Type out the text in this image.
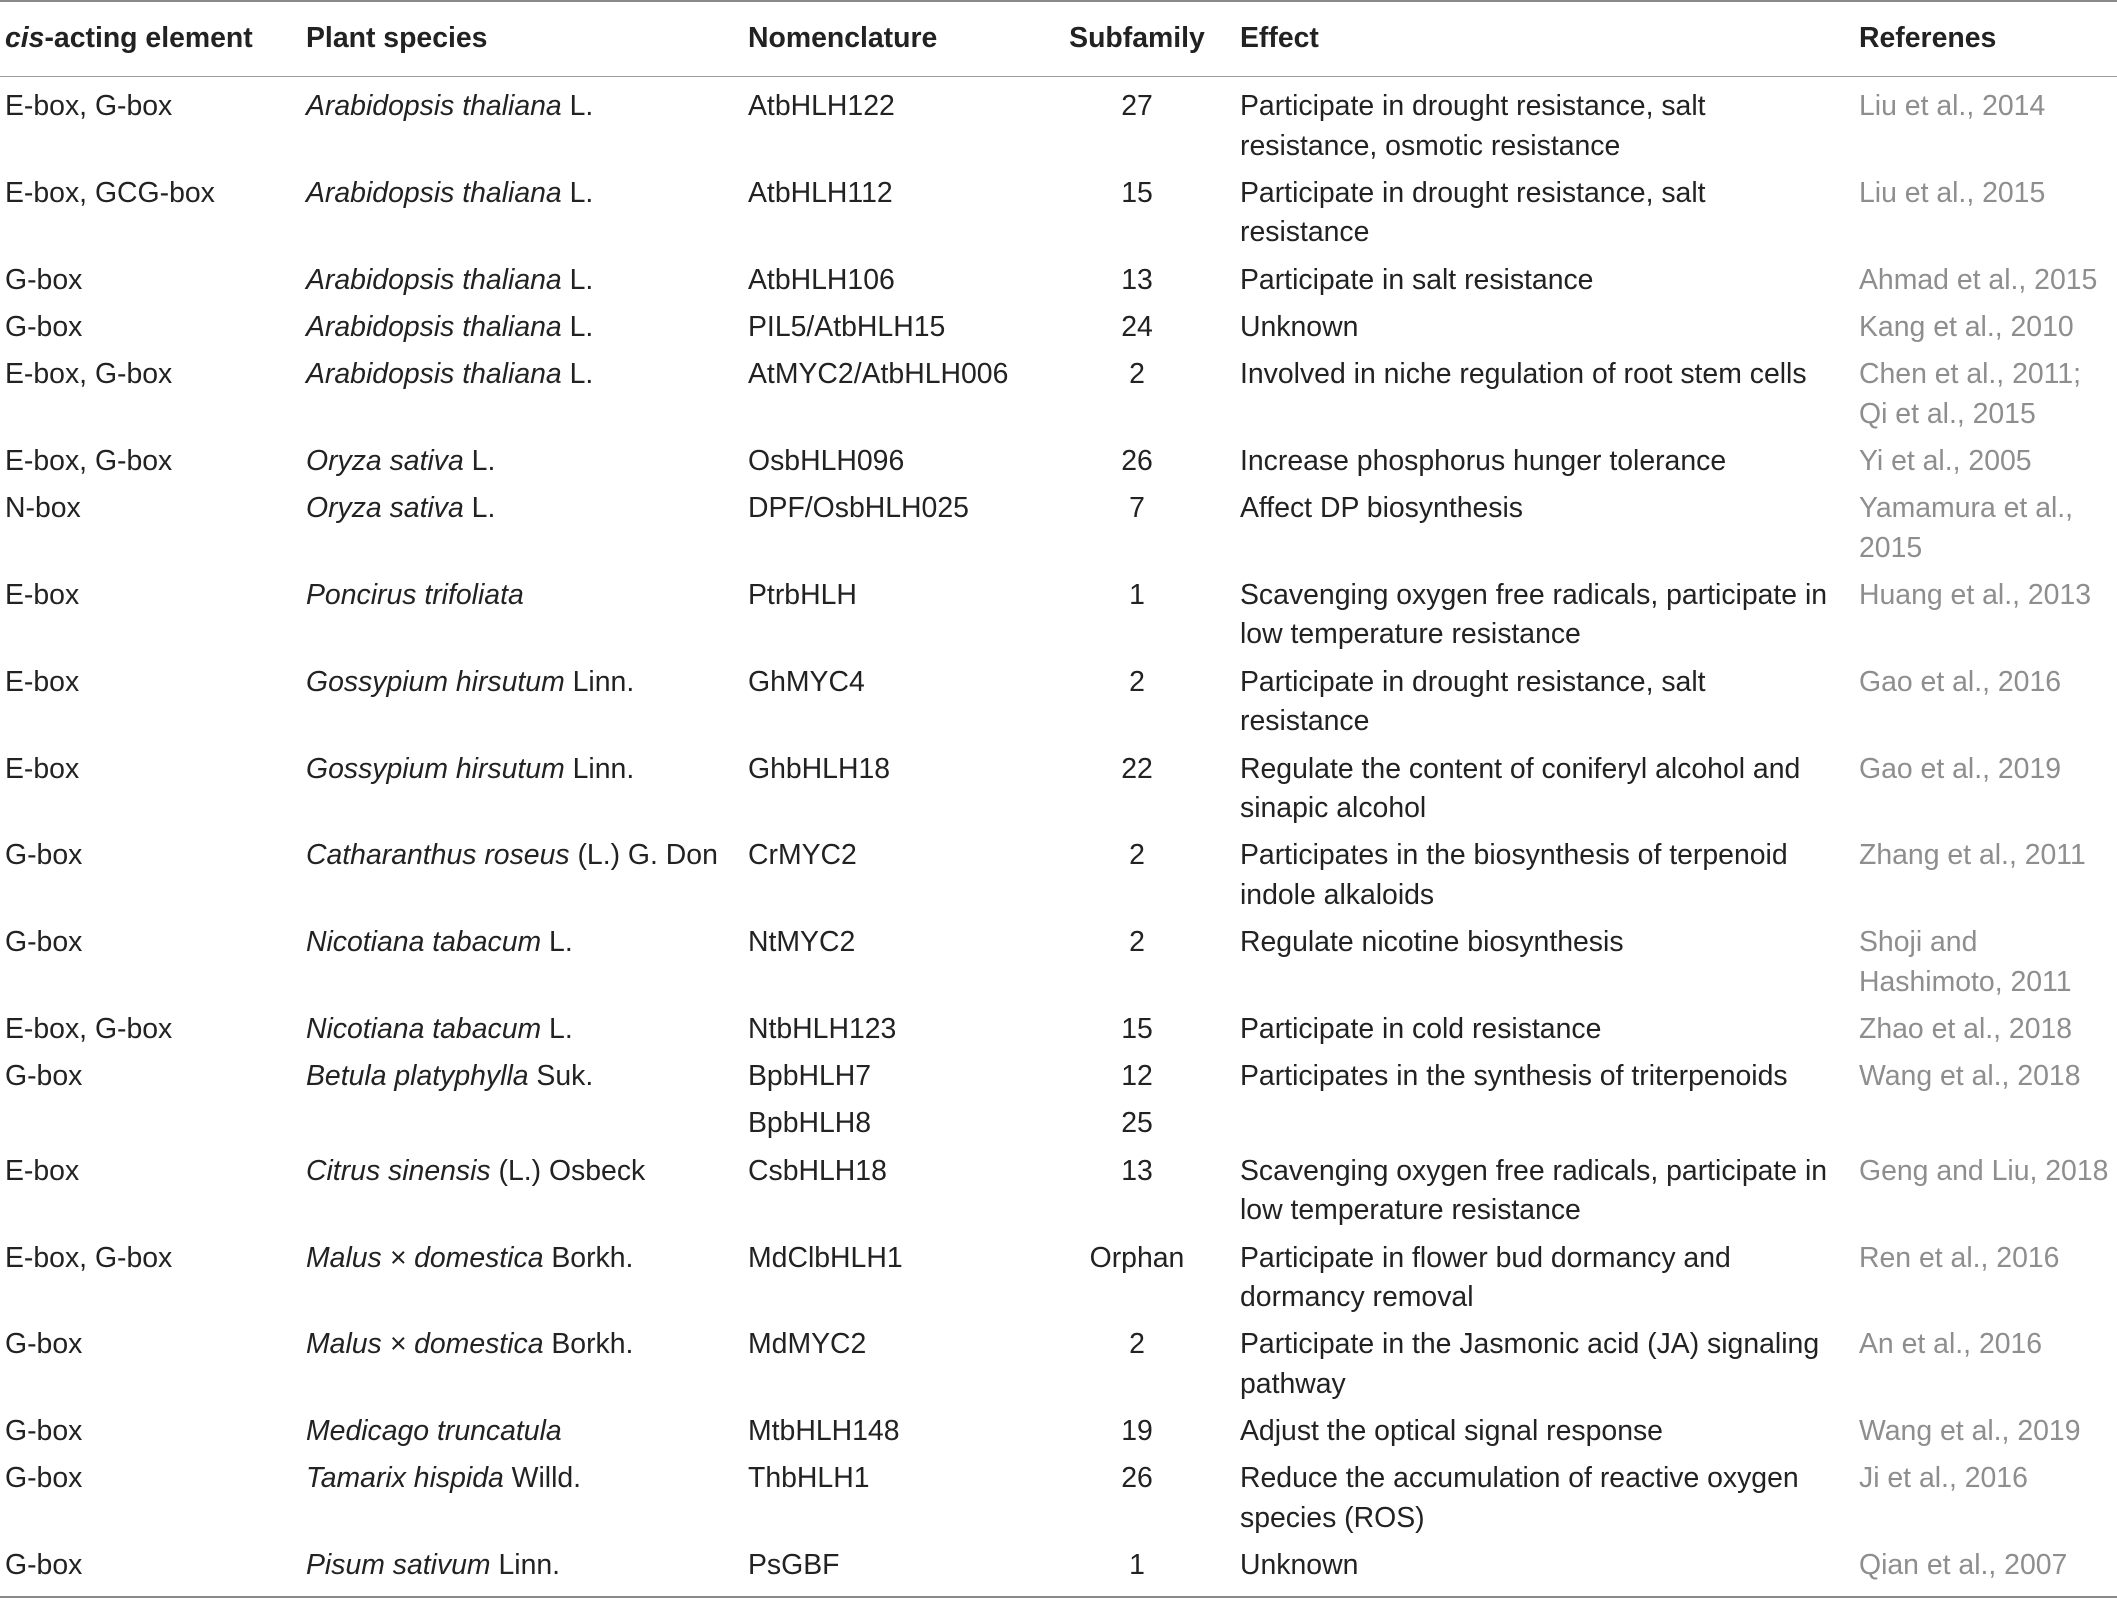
cis-acting element	Plant species	Nomenclature	Subfamily	Effect	Referenes
E-box, G-box	Arabidopsis thaliana L.	AtbHLH122	27	Participate in drought resistance, salt resistance, osmotic resistance	Liu et al., 2014
E-box, GCG-box	Arabidopsis thaliana L.	AtbHLH112	15	Participate in drought resistance, salt resistance	Liu et al., 2015
G-box	Arabidopsis thaliana L.	AtbHLH106	13	Participate in salt resistance	Ahmad et al., 2015
G-box	Arabidopsis thaliana L.	PIL5/AtbHLH15	24	Unknown	Kang et al., 2010
E-box, G-box	Arabidopsis thaliana L.	AtMYC2/AtbHLH006	2	Involved in niche regulation of root stem cells	Chen et al., 2011; Qi et al., 2015
E-box, G-box	Oryza sativa L.	OsbHLH096	26	Increase phosphorus hunger tolerance	Yi et al., 2005
N-box	Oryza sativa L.	DPF/OsbHLH025	7	Affect DP biosynthesis	Yamamura et al., 2015
E-box	Poncirus trifoliata	PtrbHLH	1	Scavenging oxygen free radicals, participate in low temperature resistance	Huang et al., 2013
E-box	Gossypium hirsutum Linn.	GhMYC4	2	Participate in drought resistance, salt resistance	Gao et al., 2016
E-box	Gossypium hirsutum Linn.	GhbHLH18	22	Regulate the content of coniferyl alcohol and sinapic alcohol	Gao et al., 2019
G-box	Catharanthus roseus (L.) G. Don	CrMYC2	2	Participates in the biosynthesis of terpenoid indole alkaloids	Zhang et al., 2011
G-box	Nicotiana tabacum L.	NtMYC2	2	Regulate nicotine biosynthesis	Shoji and Hashimoto, 2011
E-box, G-box	Nicotiana tabacum L.	NtbHLH123	15	Participate in cold resistance	Zhao et al., 2018
G-box	Betula platyphylla Suk.	BpbHLH7	12	Participates in the synthesis of triterpenoids	Wang et al., 2018
		BpbHLH8	25		
E-box	Citrus sinensis (L.) Osbeck	CsbHLH18	13	Scavenging oxygen free radicals, participate in low temperature resistance	Geng and Liu, 2018
E-box, G-box	Malus × domestica Borkh.	MdClbHLH1	Orphan	Participate in flower bud dormancy and dormancy removal	Ren et al., 2016
G-box	Malus × domestica Borkh.	MdMYC2	2	Participate in the Jasmonic acid (JA) signaling pathway	An et al., 2016
G-box	Medicago truncatula	MtbHLH148	19	Adjust the optical signal response	Wang et al., 2019
G-box	Tamarix hispida Willd.	ThbHLH1	26	Reduce the accumulation of reactive oxygen species (ROS)	Ji et al., 2016
G-box	Pisum sativum Linn.	PsGBF	1	Unknown	Qian et al., 2007
